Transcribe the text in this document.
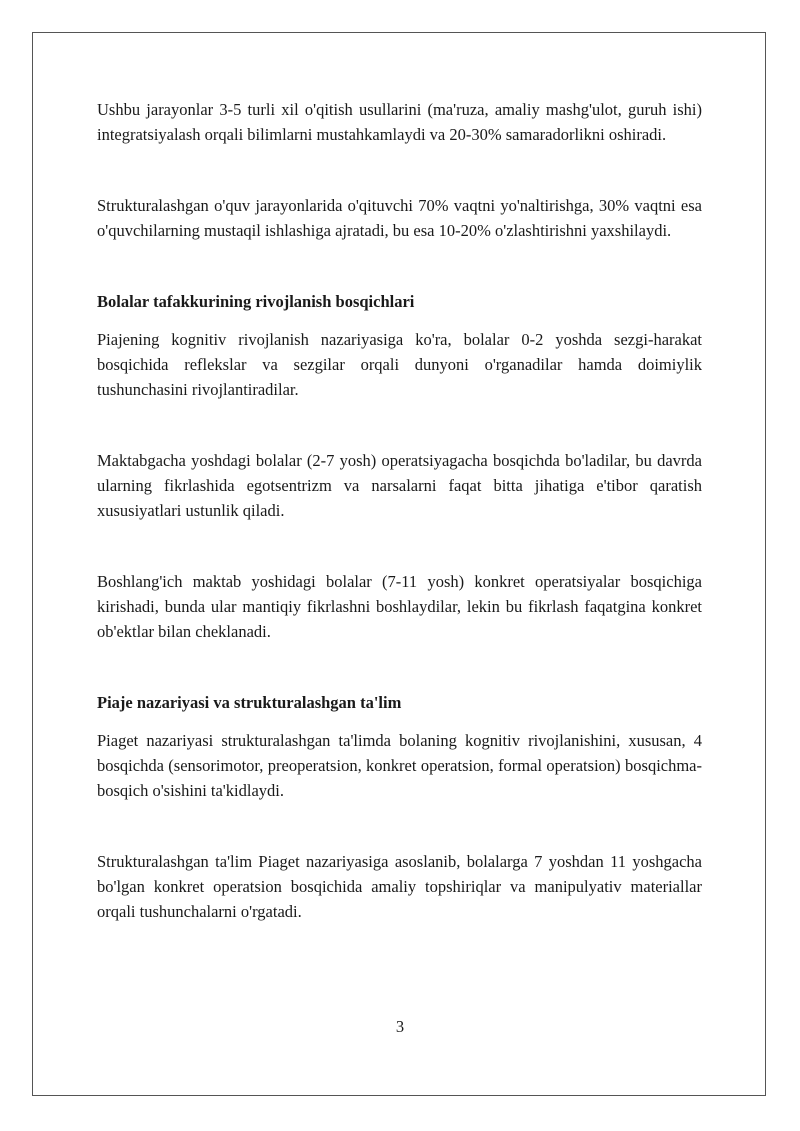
Ushbu jarayonlar 3-5 turli xil o'qitish usullarini (ma'ruza, amaliy mashg'ulot, guruh ishi) integratsiyalash orqali bilimlarni mustahkamlaydi va 20-30% samaradorlikni oshiradi.

Strukturalashgan o'quv jarayonlarida o'qituvchi 70% vaqtni yo'naltirishga, 30% vaqtni esa o'quvchilarning mustaqil ishlashiga ajratadi, bu esa 10-20% o'zlashtirishni yaxshilaydi.

Bolalar tafakkurining rivojlanish bosqichlari

Piajening kognitiv rivojlanish nazariyasiga ko'ra, bolalar 0-2 yoshda sezgi-harakat bosqichida reflekslar va sezgilar orqali dunyoni o'rganadilar hamda doimiylik tushunchasini rivojlantiradilar.

Maktabgacha yoshdagi bolalar (2-7 yosh) operatsiyagacha bosqichda bo'ladilar, bu davrda ularning fikrlashida egotsentrizm va narsalarni faqat bitta jihatiga e'tibor qaratish xususiyatlari ustunlik qiladi.

Boshlang'ich maktab yoshidagi bolalar (7-11 yosh) konkret operatsiyalar bosqichiga kirishadi, bunda ular mantiqiy fikrlashni boshlaydilar, lekin bu fikrlash faqatgina konkret ob'ektlar bilan cheklanadi.

Piaje nazariyasi va strukturalashgan ta'lim

Piaget nazariyasi strukturalashgan ta'limda bolaning kognitiv rivojlanishini, xususan, 4 bosqichda (sensorimotor, preoperatsion, konkret operatsion, formal operatsion) bosqichma-bosqich o'sishini ta'kidlaydi.

Strukturalashgan ta'lim Piaget nazariyasiga asoslanib, bolalarga 7 yoshdan 11 yoshgacha bo'lgan konkret operatsion bosqichida amaliy topshiriqlar va manipulyativ materiallar orqali tushunchalarni o'rgatadi.

3
